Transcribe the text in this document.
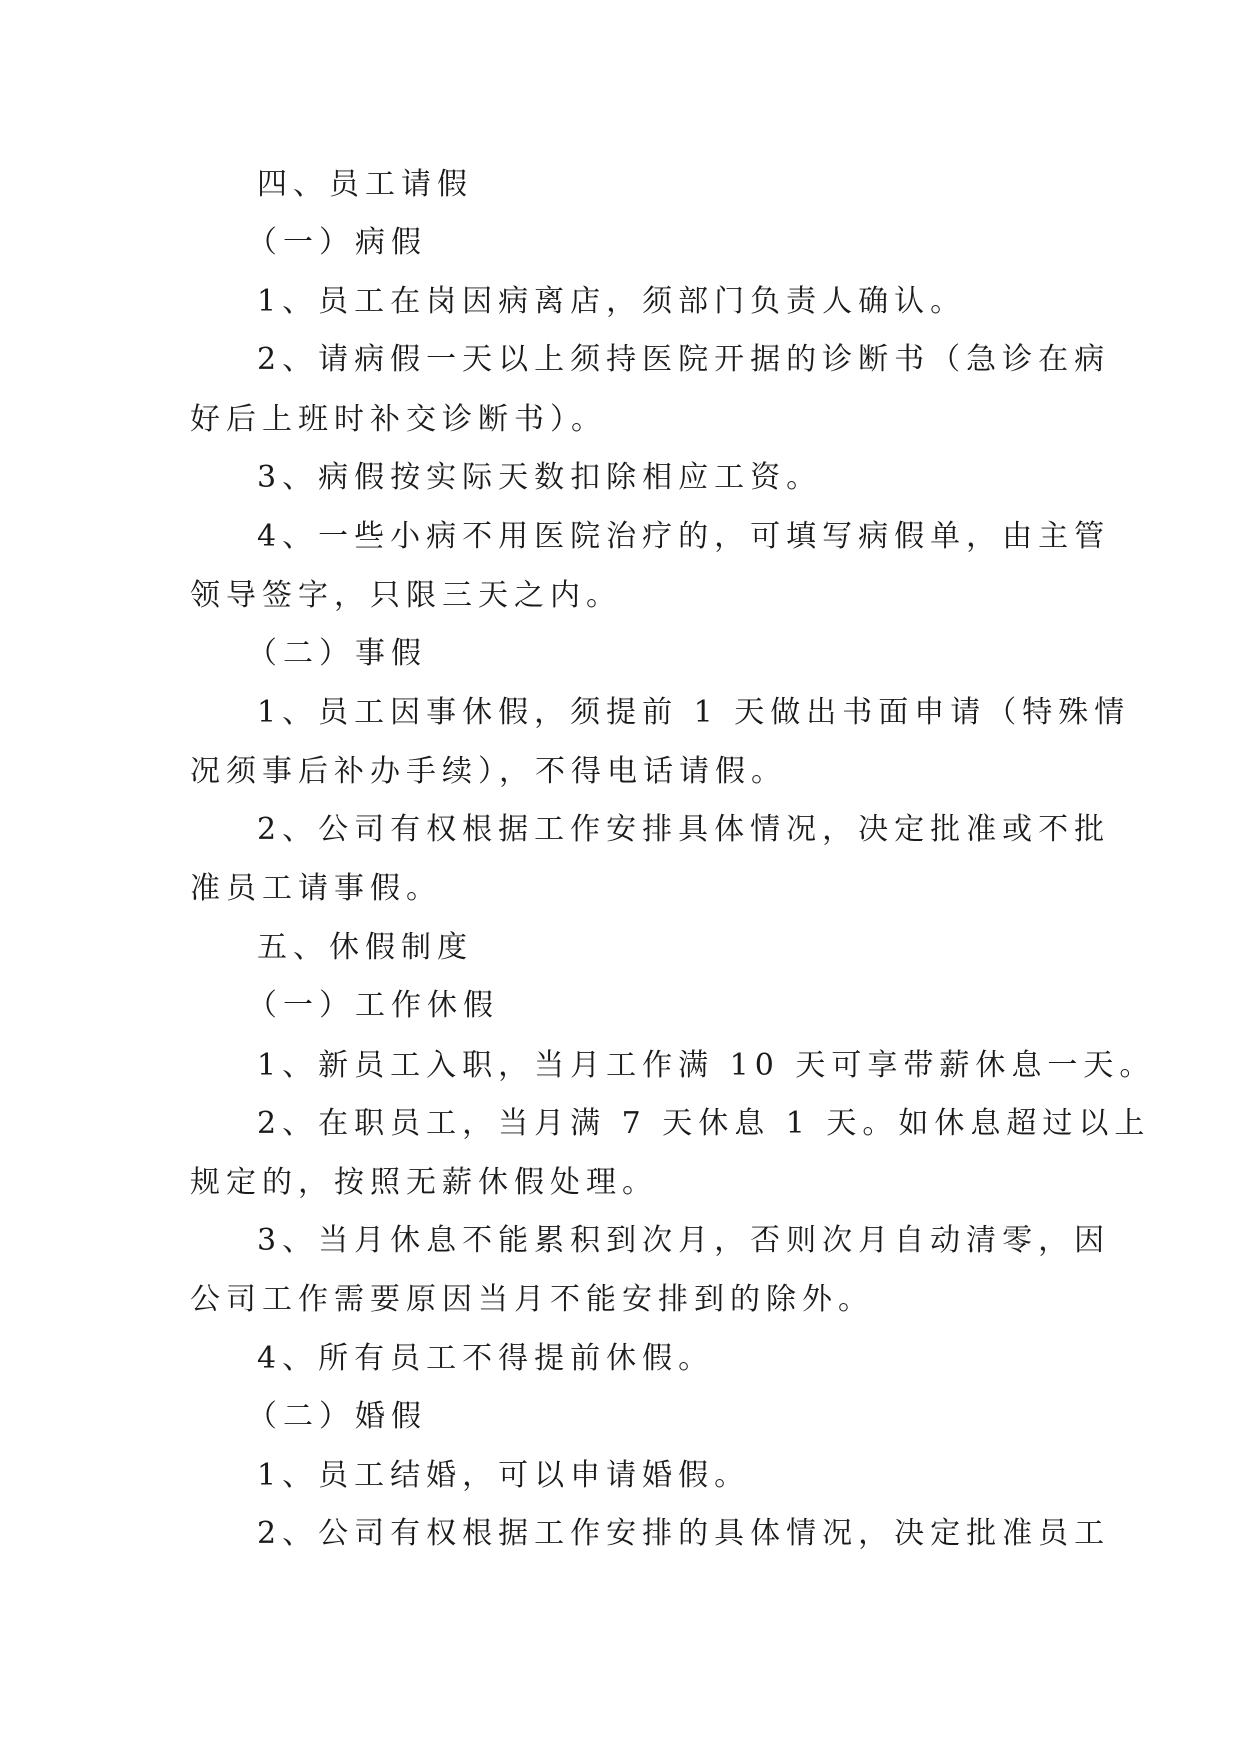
四、员工请假
（一）病假
1、员工在岗因病离店，须部门负责人确认。
2、请病假一天以上须持医院开据的诊断书（急诊在病
好后上班时补交诊断书）。
3、病假按实际天数扣除相应工资。
4、一些小病不用医院治疗的，可填写病假单，由主管
领导签字，只限三天之内。
（二）事假
1、员工因事休假，须提前 1 天做出书面申请（特殊情
况须事后补办手续），不得电话请假。
2、公司有权根据工作安排具体情况，决定批准或不批
准员工请事假。
五、休假制度
（一）工作休假
1、新员工入职，当月工作满 10 天可享带薪休息一天。
2、在职员工，当月满 7 天休息 1 天。如休息超过以上
规定的，按照无薪休假处理。
3、当月休息不能累积到次月，否则次月自动清零，因
公司工作需要原因当月不能安排到的除外。
4、所有员工不得提前休假。
（二）婚假
1、员工结婚，可以申请婚假。
2、公司有权根据工作安排的具体情况，决定批准员工
